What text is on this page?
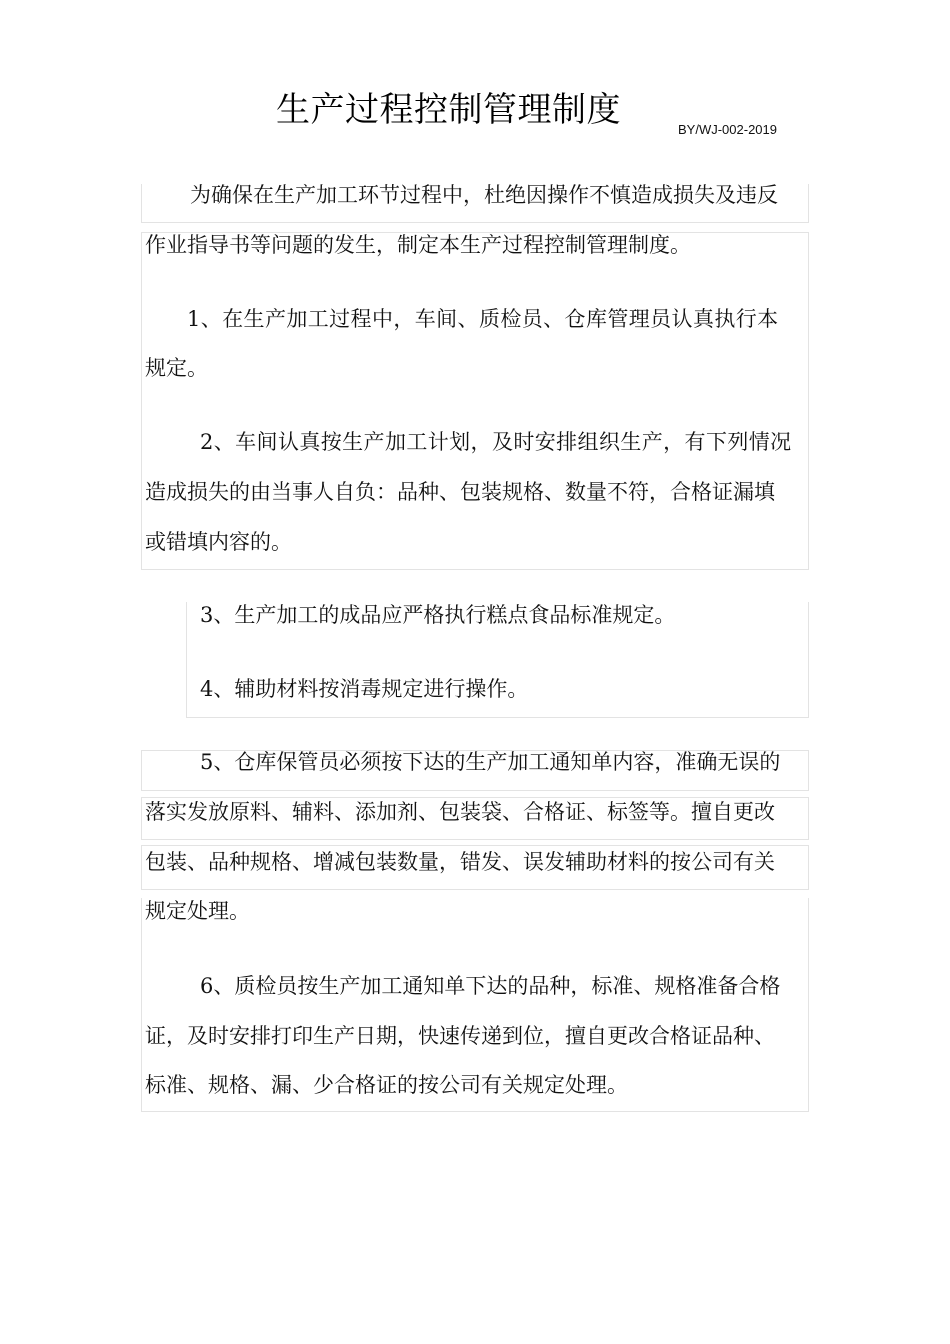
生产过程控制管理制度	BY/WJ-002-2019
为确保在生产加工环节过程中，杜绝因操作不慎造成损失及违反
作业指导书等问题的发生，制定本生产过程控制管理制度。
1、在生产加工过程中，车间、质检员、仓库管理员认真执行本
规定。
2、车间认真按生产加工计划，及时安排组织生产，有下列情况
造成损失的由当事人自负：品种、包装规格、数量不符，合格证漏填
或错填内容的。
3、生产加工的成品应严格执行糕点食品标准规定。
4、辅助材料按消毒规定进行操作。
5、仓库保管员必须按下达的生产加工通知单内容，准确无误的
落实发放原料、辅料、添加剂、包装袋、合格证、标签等。擅自更改
包装、品种规格、增减包装数量，错发、误发辅助材料的按公司有关
规定处理。
6、质检员按生产加工通知单下达的品种，标准、规格准备合格
证，及时安排打印生产日期，快速传递到位，擅自更改合格证品种、
标准、规格、漏、少合格证的按公司有关规定处理。
